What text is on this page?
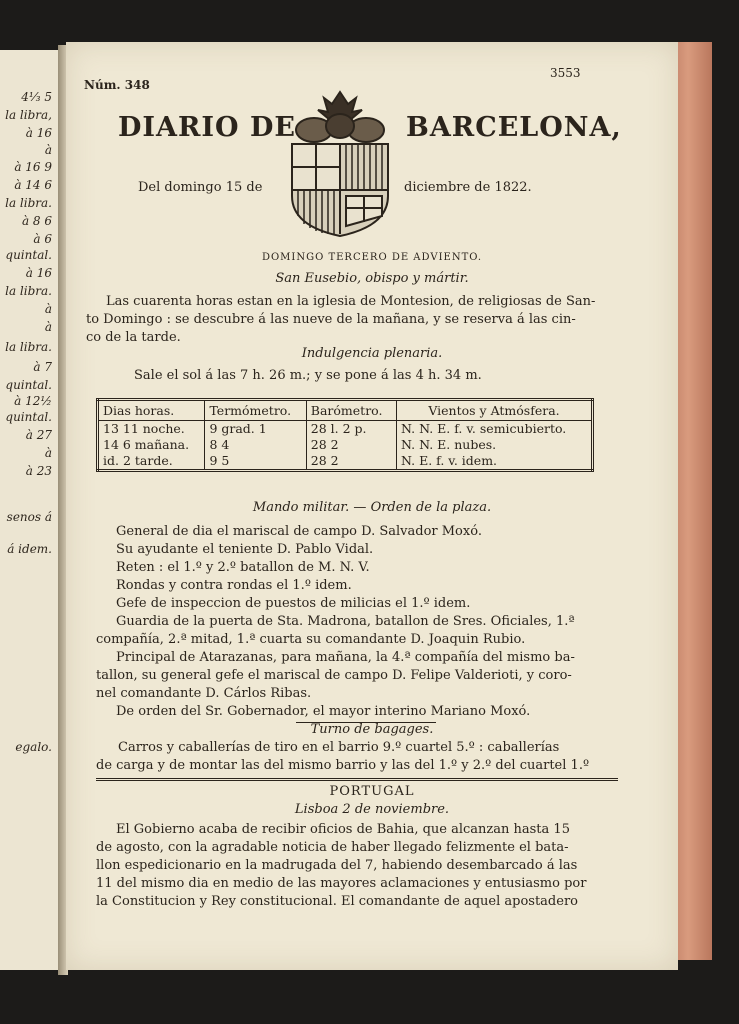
4⅓ 5
la libra,
à 16
à
à 16 9
à 14 6
la libra.
à 8 6
à 6
quintal.
à 16
la libra.
à
à
la libra.
à 7
quintal.
à 12½
quintal.
à 27
à
à 23
senos á
á idem.
egalo.
Núm. 348
3553
DIARIO DE	BARCELONA,
Del domingo 15 de	diciembre de 1822.
DOMINGO TERCERO DE ADVIENTO.
San Eusebio, obispo y mártir.
Las cuarenta horas estan en la iglesia de Montesion, de religiosas de San-
to Domingo : se descubre á las nueve de la mañana, y se reserva á las cin-
co de la tarde.
Indulgencia plenaria.
Sale el sol á las 7 h. 26 m.; y se pone á las 4 h. 34 m.
Dias horas.	Termómetro.	Barómetro.	Vientos y Atmósfera.
13 11 noche.	9 grad. 1	28 l. 2 p.	N. N. E. f. v. semicubierto.
14 6 mañana.	8 4	28 2	N. N. E. nubes.
id. 2 tarde.	9 5	28 2	N. E. f. v. idem.
Mando militar. — Orden de la plaza.
General de dia el mariscal de campo D. Salvador Moxó.
Su ayudante el teniente D. Pablo Vidal.
Reten : el 1.º y 2.º batallon de M. N. V.
Rondas y contra rondas el 1.º idem.
Gefe de inspeccion de puestos de milicias el 1.º idem.
Guardia de la puerta de Sta. Madrona, batallon de Sres. Oficiales, 1.ª
compañía, 2.ª mitad, 1.ª cuarta su comandante D. Joaquin Rubio.
Principal de Atarazanas, para mañana, la 4.ª compañía del mismo ba-
tallon, su general gefe el mariscal de campo D. Felipe Valderioti, y coro-
nel comandante D. Cárlos Ribas.
De orden del Sr. Gobernador, el mayor interino Mariano Moxó.
Turno de bagages.
Carros y caballerías de tiro en el barrio 9.º cuartel 5.º : caballerías
de carga y de montar las del mismo barrio y las del 1.º y 2.º del cuartel 1.º
PORTUGAL
Lisboa 2 de noviembre.
El Gobierno acaba de recibir oficios de Bahia, que alcanzan hasta 15
de agosto, con la agradable noticia de haber llegado felizmente el bata-
llon espedicionario en la madrugada del 7, habiendo desembarcado á las
11 del mismo dia en medio de las mayores aclamaciones y entusiasmo por
la Constitucion y Rey constitucional. El comandante de aquel apostadero
